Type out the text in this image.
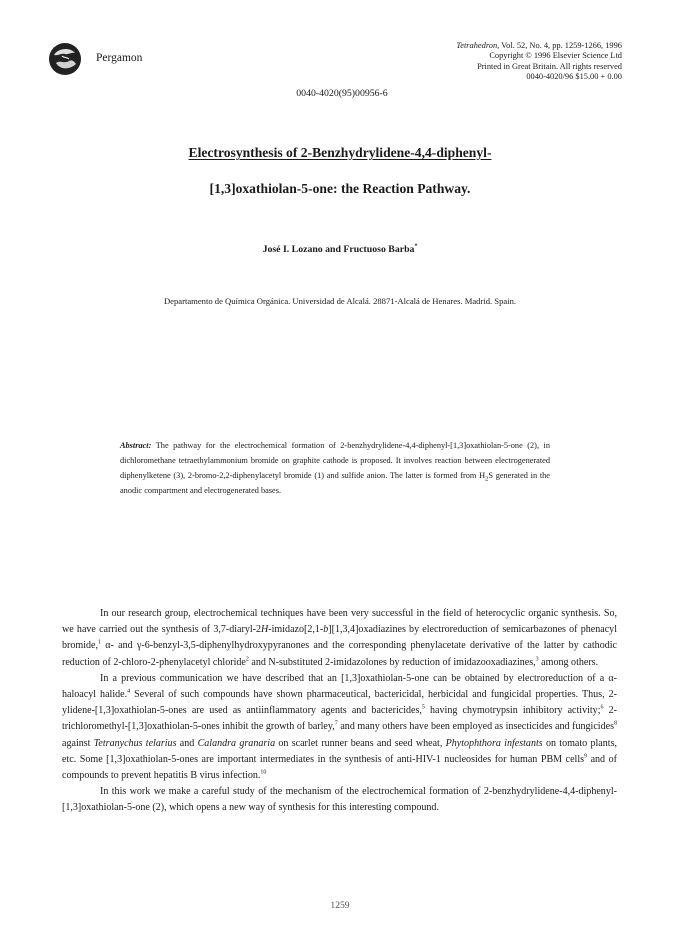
Pergamon
Tetrahedron, Vol. 52, No. 4, pp. 1259-1266, 1996
Copyright © 1996 Elsevier Science Ltd
Printed in Great Britain. All rights reserved
0040-4020/96 $15.00 + 0.00
0040-4020(95)00956-6
Electrosynthesis of 2-Benzhydrylidene-4,4-diphenyl-
[1,3]oxathiolan-5-one: the Reaction Pathway.
José I. Lozano and Fructuoso Barba*
Departamento de Química Orgánica. Universidad de Alcalá. 28871-Alcalá de Henares. Madrid. Spain.
Abstract: The pathway for the electrochemical formation of 2-benzhydrylidene-4,4-diphenyl-[1,3]oxathiolan-5-one (2), in dichloromethane tetraethylammonium bromide on graphite cathode is proposed. It involves reaction between electrogenerated diphenylketene (3), 2-bromo-2,2-diphenylacetyl bromide (1) and sulfide anion. The latter is formed from $H_2S$ generated in the anodic compartment and electrogenerated bases.

In our research group, electrochemical techniques have been very successful in the field of heterocyclic organic synthesis. So, we have carried out the synthesis of 3,7-diaryl-2H-imidazo[2,1-b][1,3,4]oxadiazines by electroreduction of semicarbazones of phenacyl bromide,$^1$ α- and γ-6-benzyl-3,5-diphenylhydroxypyranones and the corresponding phenylacetate derivative of the latter by cathodic reduction of 2-chloro-2-phenylacetyl chloride$^2$ and N-substituted 2-imidazolones by reduction of imidazooxadiazines,$^3$ among others.

In a previous communication we have described that an [1,3]oxathiolan-5-one can be obtained by electroreduction of a α-haloacyl halide.$^4$ Several of such compounds have shown pharmaceutical, bactericidal, herbicidal and fungicidal properties. Thus, 2-ylidene-[1,3]oxathiolan-5-ones are used as antiinflammatory agents and bactericides,$^5$ having chymotrypsin inhibitory activity;$^6$ 2-trichloromethyl-[1,3]oxathiolan-5-ones inhibit the growth of barley,$^7$ and many others have been employed as insecticides and fungicides$^8$ against Tetranychus telarius and Calandra granaria on scarlet runner beans and seed wheat, Phytophthora infestants on tomato plants, etc. Some [1,3]oxathiolan-5-ones are important intermediates in the synthesis of anti-HIV-1 nucleosides for human PBM cells$^9$ and of compounds to prevent hepatitis B virus infection.$^{10}$

In this work we make a careful study of the mechanism of the electrochemical formation of 2-benzhydrylidene-4,4-diphenyl-[1,3]oxathiolan-5-one (2), which opens a new way of synthesis for this interesting compound.

1259
